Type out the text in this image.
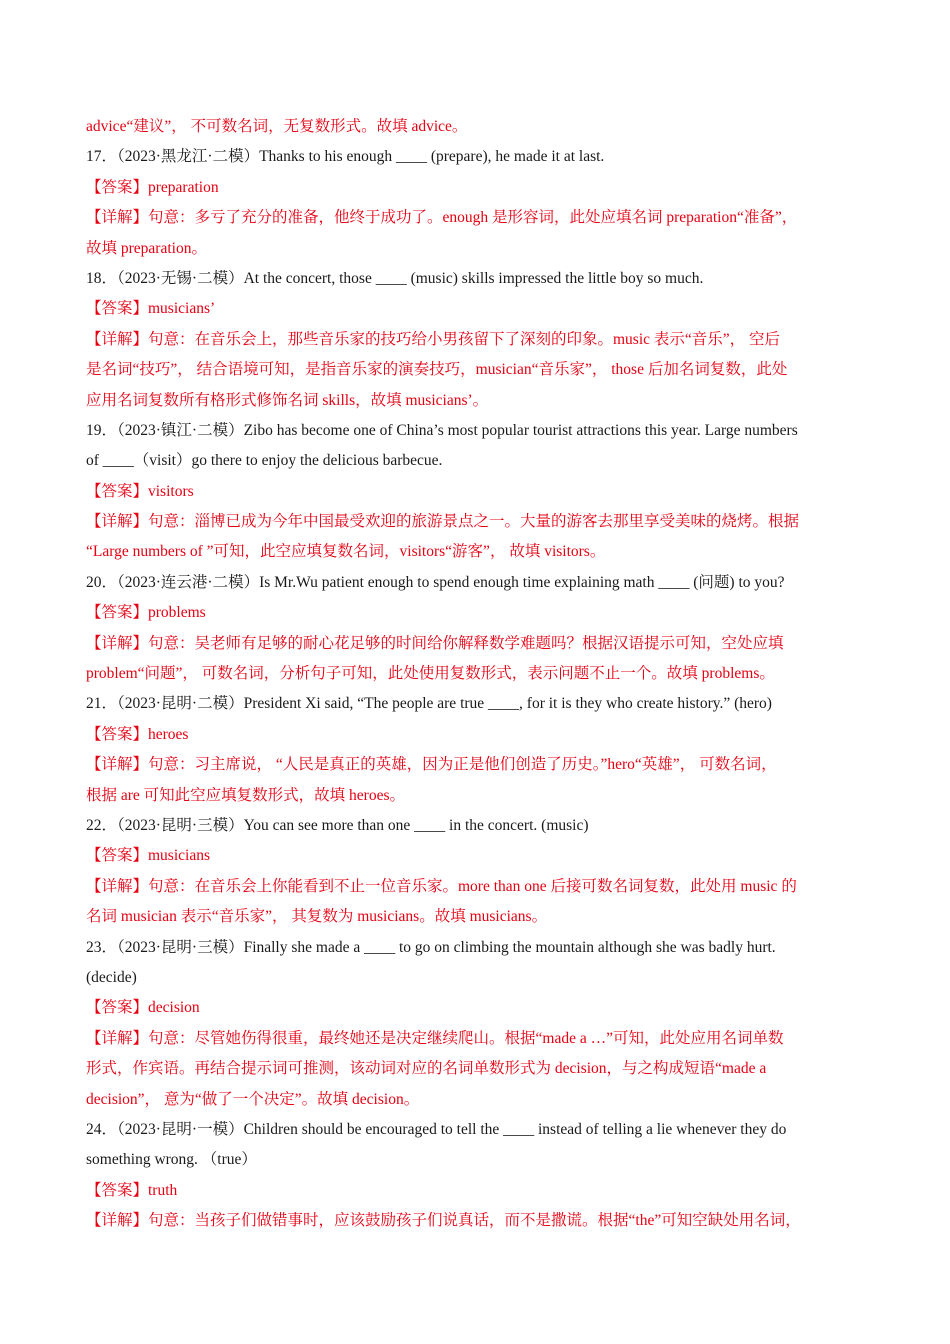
advice“建议”， 不可数名词，无复数形式。故填 advice。
17．（2023·黑龙江·二模）Thanks to his enough ____ (prepare), he made it at last.
【答案】preparation
【详解】句意：多亏了充分的准备，他终于成功了。enough 是形容词，此处应填名词 preparation“准备”，
故填 preparation。
18．（2023·无锡·二模）At the concert, those ____ (music) skills impressed the little boy so much.
【答案】musicians’
【详解】句意：在音乐会上，那些音乐家的技巧给小男孩留下了深刻的印象。music 表示“音乐”， 空后
是名词“技巧”， 结合语境可知，是指音乐家的演奏技巧，musician“音乐家”， those 后加名词复数，此处
应用名词复数所有格形式修饰名词 skills，故填 musicians’。
19．（2023·镇江·二模）Zibo has become one of China’s most popular tourist attractions this year. Large numbers
of ____（visit）go there to enjoy the delicious barbecue.
【答案】visitors
【详解】句意：淄博已成为今年中国最受欢迎的旅游景点之一。大量的游客去那里享受美味的烧烤。根据
“Large numbers of ”可知，此空应填复数名词，visitors“游客”， 故填 visitors。
20．（2023·连云港·二模）Is Mr.Wu patient enough to spend enough time explaining math ____ (问题) to you?
【答案】problems
【详解】句意：吴老师有足够的耐心花足够的时间给你解释数学难题吗？根据汉语提示可知，空处应填
problem“问题”， 可数名词，分析句子可知，此处使用复数形式，表示问题不止一个。故填 problems。
21．（2023·昆明·二模）President Xi said, “The people are true ____, for it is they who create history.” (hero)
【答案】heroes
【详解】句意：习主席说， “人民是真正的英雄，因为正是他们创造了历史。”hero“英雄”， 可数名词，
根据 are 可知此空应填复数形式，故填 heroes。
22．（2023·昆明·三模）You can see more than one ____ in the concert. (music)
【答案】musicians
【详解】句意：在音乐会上你能看到不止一位音乐家。more than one 后接可数名词复数，此处用 music 的
名词 musician 表示“音乐家”， 其复数为 musicians。故填 musicians。
23．（2023·昆明·三模）Finally she made a ____ to go on climbing the mountain although she was badly hurt.
(decide)
【答案】decision
【详解】句意：尽管她伤得很重，最终她还是决定继续爬山。根据“made a …”可知，此处应用名词单数
形式，作宾语。再结合提示词可推测，该动词对应的名词单数形式为 decision，与之构成短语“made a
decision”， 意为“做了一个决定”。故填 decision。
24．（2023·昆明·一模）Children should be encouraged to tell the ____ instead of telling a lie whenever they do
something wrong. （true）
【答案】truth
【详解】句意：当孩子们做错事时，应该鼓励孩子们说真话，而不是撒谎。根据“the”可知空缺处用名词，
